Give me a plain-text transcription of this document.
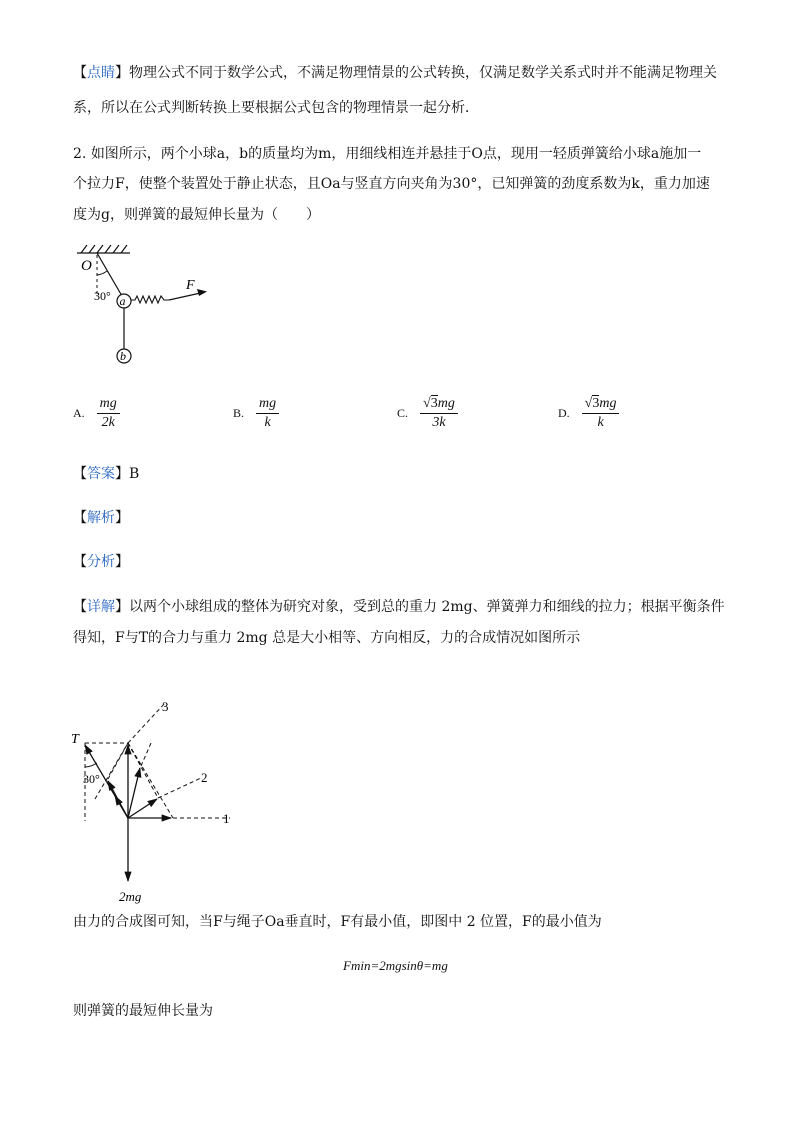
【点睛】物理公式不同于数学公式，不满足物理情景的公式转换，仅满足数学关系式时并不能满足物理关
系，所以在公式判断转换上要根据公式包含的物理情景一起分析．
2. 如图所示，两个小球a，b的质量均为m，用细线相连并悬挂于O点，现用一轻质弹簧给小球a施加一
个拉力F，使整个装置处于静止状态，且Oa与竖直方向夹角为30°，已知弹簧的劲度系数为k，重力加速
度为g，则弹簧的最短伸长量为（　　）
O
30° a
F
b
A. $\frac{mg}{2k}$	B. $\frac{mg}{k}$	C. $\frac{√3mg}{3k}$	D. $\frac{√3mg}{k}$
【答案】B
【解析】
【分析】
【详解】以两个小球组成的整体为研究对象，受到总的重力 2mg、弹簧弹力和细线的拉力；根据平衡条件
得知，F与T的合力与重力 2mg 总是大小相等、方向相反，力的合成情况如图所示
T
30°
3
2
1
2mg
由力的合成图可知，当F与绳子Oa垂直时，F有最小值，即图中 2 位置，F的最小值为
Fmin=2mgsinθ=mg
则弹簧的最短伸长量为
